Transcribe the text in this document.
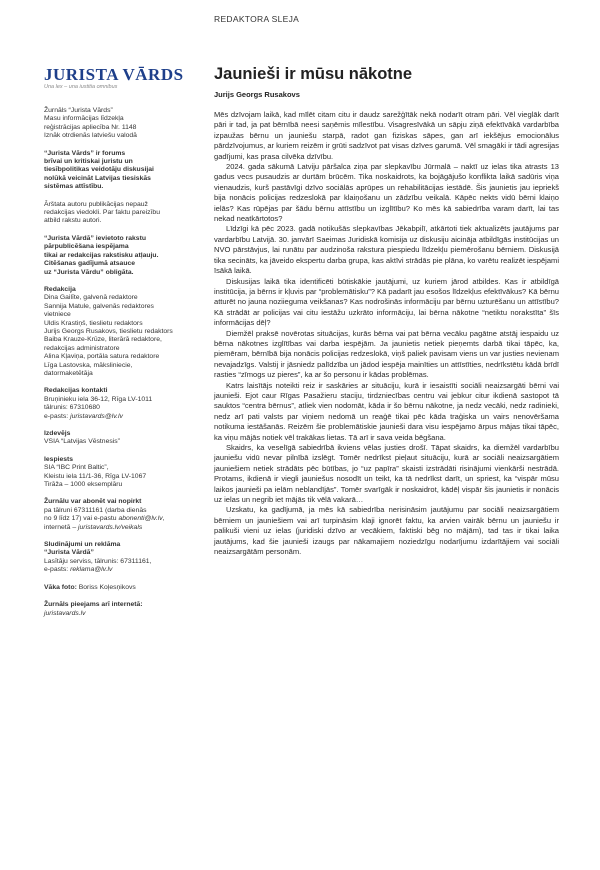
REDAKTORA SLEJA
JURISTA VĀRDS
Una lex – una iustitia omnibus
Žurnāls “Jurista Vārds”
Masu informācijas līdzekļa
reģistrācijas apliecība Nr. 1148
Iznāk otrdienās latviešu valodā
“Jurista Vārds” ir forums
brīvai un kritiskai juristu un
tiesībpolitikas veidotāju diskusijai
nolūkā veicināt Latvijas tiesiskās
sistēmas attīstību.
Ārštata autoru publikācijas nepauž
redakcijas viedokli. Par faktu pareizību
atbild rakstu autori.
“Jurista Vārdā” ievietoto rakstu
pārpublicēšana iespējama
tikai ar redakcijas rakstisku atļauju.
Citēšanas gadījumā atsauce
uz “Jurista Vārdu” obligāta.
Redakcija
Dina Gailīte, galvenā redaktore
Sannija Matule, galvenās redaktores
vietniece
Uldis Krastiņš, tieslietu redaktors
Jurijs Georgs Rusakovs, tieslietu redaktors
Baiba Krauze-Krūze, literārā redaktore,
redakcijas administratore
Alina Kļaviņa, portāla satura redaktore
Līga Lastovska, mākslinieciе,
datormaketētāja
Redakcijas kontakti
Bruņinieku iela 36-12, Rīga LV-1011
tālrunis: 67310680
e-pasts: juristavards@lv.lv
Izdevējs
VSIA “Latvijas Vēstnesis”
Iespiests
SIA “IBC Print Baltic”,
Kleistu iela 11/1-36, Rīga LV-1067
Tirāža – 1000 eksemplāru
Žurnālu var abonēt vai nopirkt
pa tālruni 67311161 (darba dienās
no 9 līdz 17) vai e-pastu abonenti@lv.lv,
internetā – juristavards.lv/veikals
Sludinājumi un reklāma
“Jurista Vārdā”
Lasītāju serviss, tālrunis: 67311161,
e-pasts: reklama@lv.lv
Vāka foto: Boriss Koļesņikovs
Žurnāls pieejams arī internetā:
juristavards.lv
Jaunieši ir mūsu nākotne
Jurijs Georgs Rusakovs

Mēs dzīvojam laikā, kad mīlēt citam citu ir daudz sarežģītāk nekā nodarīt otram pāri. Vēl vieglāk darīt pāri ir tad, ja pat bērnībā neesi saņēmis mīlestību. Visagresīvākā un sāpju ziņā efektīvākā vardarbība izpaužas bērnu un jauniešu starpā, radot gan fiziskas sāpes, gan arī iekšējus emocionālus pārdzīvojumus, ar kuriem reizēm ir grūti sadzīvot pat visas dzīves garumā. Vēl smagāki ir tādi agresijas gadījumi, kas prasa cilvēka dzīvību.

2024. gada sākumā Latviju pāršalca ziņa par slepkavību Jūrmalā – naktī uz ielas tika atrasts 13 gadus vecs pusaudzis ar durtām brūcēm. Tika noskaidrots, ka bojāgājušo konflikta laikā sadūris viņa vienaudzis, kurš pastāvīgi dzīvo sociālās aprūpes un rehabilitācijas iestādē. Šis jaunietis jau iepriekš bija nonācis policijas redzeslokā par klaiņošanu un zādzību veikalā. Kāpēc nekts vidū bērni klaiņo ielās? Kas rūpējas par šādu bērnu attīstību un izglītību? Ko mēs kā sabiedrība varam darīt, lai tas nekad neatkārtotos?

Līdzīgi kā pēc 2023. gadā notikušās slepkavības Jēkabpilī, atkārtoti tiek aktualizēts jautājums par vardarbību Latvijā. 30. janvārī Saeimas Juridiskā komisija uz diskusiju aicināja atbildīgās institūcijas un NVO pārstāvjus, lai runātu par audzinoša rakstura piespiedu līdzekļu piemērošanu bērniem. Diskusijā tika secināts, ka jāveido ekspertu darba grupa, kas aktīvi strādās pie plāna, ko varētu realizēt iespējami īsākā laikā.

Diskusijas laikā tika identificēti būtiskākie jautājumi, uz kuriem jārod atbildes. Kas ir atbildīgā institūcija, ja bērns ir kļuvis par “problemātisku”? Kā padarīt jau esošos līdzekļus efektīvākus? Kā bērnu atturēt no jauna noziieguma veikšanas? Kas nodrošinās informāciju par bērnu uzturēšanu un attīstību? Kā strādāt ar policijas vai citu iestāžu uzkrāto informāciju, lai bērna nākotne “netiktu norakstīta” šīs informācijas dēļ?

Diemžēl praksē novērotas situācijas, kurās bērna vai pat bērna vecāku pagātne atstāj iespaidu uz bērna nākotnes izglītības vai darba iespējām. Ja jaunietis netiek pieņemts darbā tikai tāpēc, ka, piemēram, bērnībā bija nonācis policijas redzeslokā, viņš paliek pavisam viens un var justies nevienam nevajadzīgs. Valstij ir jāsniedz palīdzība un jādod iespēja mainīties un attīstīties, nedrīkstētu kādā brīdī rasties “zīmogs uz pieres”, ka ar šo personu ir kādas problēmas.

Katrs laisītājs noteikti reiz ir saskāries ar situāciju, kurā ir iesaistīti sociāli neaizsargāti bērni vai jaunieši. Ejot caur Rīgas Pasažieru staciju, tirdzniecības centru vai jebkur citur ikdienā sastopot tā sauktos “centra bērnus”, atliek vien nodomāt, kāda ir šo bērnu nākotne, ja nedz vecāki, nedz radinieki, nedz arī pati valsts par viņiem nedomā un reaģē tikai pēc kāda traģiska un vairs nenovēršama notikuma iestāšanās. Reizēm šie problemātiskie jaunieši dara visu iespējamo ārpus mājas tikai tāpēc, ka viņu mājās notiek vēl trakākas lietas. Tā arī ir sava veida bēgšana.

Skaidrs, ka veselīgā sabiedrībā ikviens vēlas justies drošī. Tāpat skaidrs, ka diemžēl vardarbību jauniešu vidū nevar pilnībā izslēgt. Tomēr nedrīkst pieļaut situāciju, kurā ar sociāli neaizsargātiem jauniešiem netiek strādāts pēc būtības, jo “uz papīra” skaisti izstrādāti risinājumi vienkārši nestrādā. Protams, ikdienā ir viegli jauniešus nosodīt un teikt, ka tā nedrīkst darīt, un spriest, ka “vispār mūsu laikos jaunieši pa ielām neblandījās”. Tomēr svarīgāk ir noskaidrot, kādēļ vispār šis jaunietis ir nonācis uz ielas un negrib iet mājās tik vēlā vakarā…

Uzskatu, ka gadījumā, ja mēs kā sabiedrība nerisināsim jautājumu par sociāli neaizsargātiem bērniem un jauniešiem vai arī turpināsim klaji ignorēt faktu, ka arvien vairāk bērnu un jauniešu ir palikuši vieni uz ielas (juridiski dzīvo ar vecākiem, faktiski bēg no mājām), tad tas ir tikai laika jautājums, kad šie jaunieši izaugs par nākamajiem noziedzīgu nodarījumu izdarītājiem vai sociāli neaizsargātām personām.
